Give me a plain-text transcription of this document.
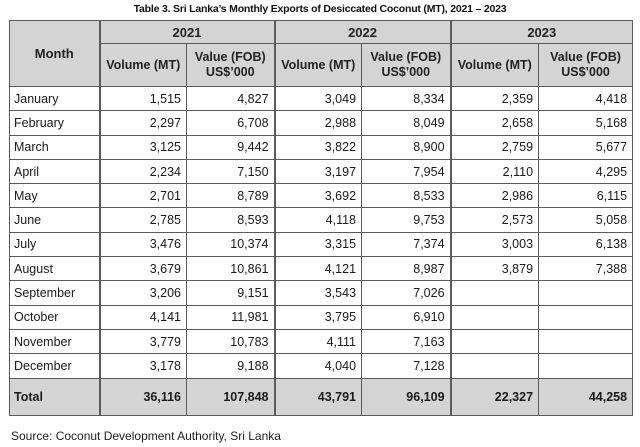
Table 3. Sri Lanka’s Monthly Exports of Desiccated Coconut (MT), 2021 – 2023
Month	2021		2022		2023	
	Volume (MT)	Value (FOB) US$’000	Volume (MT)	Value (FOB) US$’000	Volume (MT)	Value (FOB) US$’000
January	1,515	4,827	3,049	8,334	2,359	4,418
February	2,297	6,708	2,988	8,049	2,658	5,168
March	3,125	9,442	3,822	8,900	2,759	5,677
April	2,234	7,150	3,197	7,954	2,110	4,295
May	2,701	8,789	3,692	8,533	2,986	6,115
June	2,785	8,593	4,118	9,753	2,573	5,058
July	3,476	10,374	3,315	7,374	3,003	6,138
August	3,679	10,861	4,121	8,987	3,879	7,388
September	3,206	9,151	3,543	7,026		
October	4,141	11,981	3,795	6,910		
November	3,779	10,783	4,111	7,163		
December	3,178	9,188	4,040	7,128		
Total	36,116	107,848	43,791	96,109	22,327	44,258
Source: Coconut Development Authority, Sri Lanka
